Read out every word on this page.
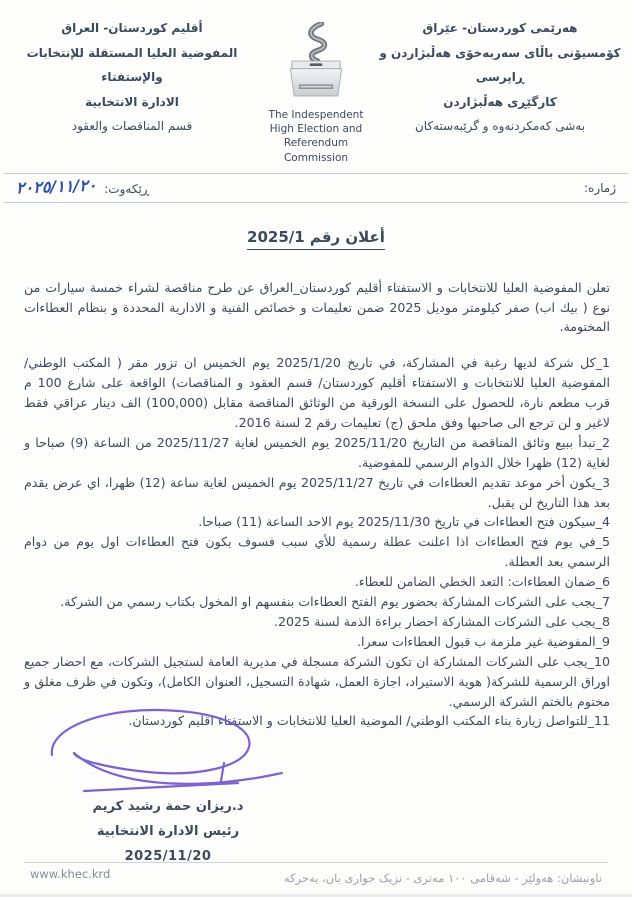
أقليم كوردستان- العراق
المفوضية العليا المستقلة للإنتخابات والإستفتاء
الادارة الانتخابية
قسم المناقصات والعقود
The Indespendent
High Election and
Referendum Commission
هەرێمی کوردستان- عێراق
کۆمسیۆنی باڵای سەربەخۆی هەڵبژاردن و ڕاپرسی
کارگێڕی هەڵبژاردن
بەشی کەمکردنەوە و گرێبەستەکان
ژمارە:
ڕێکەوت: ٢٠٢٥/١١/٢٠
أعلان رقم 2025/1

تعلن المفوضية العليا للانتخابات و الاستفتاء أقليم كوردستان_العراق عن طرح مناقصة لشراء خمسة سيارات من نوع ( بيك اب) صفر كيلومتر موديل 2025 ضمن تعليمات و خصائص الفنية و الادارية المحددة و بنظام العطاءات المختومة.

1_كل شركة لديها رغبة في المشاركة، في تاريخ 2025/1/20 يوم الخميس ان تزور مقر ( المكتب الوطني/ المفوضية العليا للانتخابات و الاستفتاء أقليم كوردستان/ قسم العقود و المناقصات) الواقعة على شارع 100 م قرب مطعم نارة، للحصول على النسخة الورقية من الوثائق المناقصة مقابل (100,000) الف دينار عراقي فقط لاغير و لن ترجع الى صاحبها وفق ملحق (ج) تعليمات رقم 2 لسنة 2016.
2_تبدأ ببيع وثائق المناقصة من التاريخ 2025/11/20 يوم الخميس لغاية 2025/11/27 من الساعة (9) صباحا و لغاية (12) ظهرا خلال الدوام الرسمي للمفوضية.
3_يكون أخر موعد تقديم العطاءات في تاريخ 2025/11/27 يوم الخميس لغاية ساعة (12) ظهرا، اي عرض يقدم بعد هذا التاريخ لن يقبل.
4_سيكون فتح العطاءات في تاريخ 2025/11/30 يوم الاحد الساعة (11) صباحا.
5_في يوم فتح العطاءات اذا اعلنت عطلة رسمية للأي سبب فسوف يكون فتح العطاءات اول يوم من دوام الرسمي بعد العطلة.
6_ضمان العطاءات: التعد الخطي الضامن للعطاء.
7_يجب على الشركات المشاركة بحضور يوم الفتح العطاءات بنفسهم او المخول بكتاب رسمي من الشركة.
8_يجب على الشركات المشاركة احضار براءة الذمة لسنة 2025.
9_المفوضية غير ملزمة ب قبول العطاءات سعرا.
10_يجب على الشركات المشاركة ان تكون الشركة مسجلة في مديرية العامة لستجيل الشركات، مع احضار جميع اوراق الرسمية للشركة( هوية الاستيراد، اجازة العمل، شهادة التسجيل، العنوان الكامل)، وتكون في ظرف مغلق و مختوم بالختم الشركة الرسمي.
11_للتواصل زيارة بناء المكتب الوطني/ الموضية العليا للانتخابات و الاستفتاء اقليم كوردستان.
د.ريزان حمة رشيد كريم
رئيس الادارة الانتخابية
2025/11/20
www.khec.krd	ناونیشان: هەولێر - شەقامی ١٠٠ مەتری - نزیک حواری بان، بەحرکە
